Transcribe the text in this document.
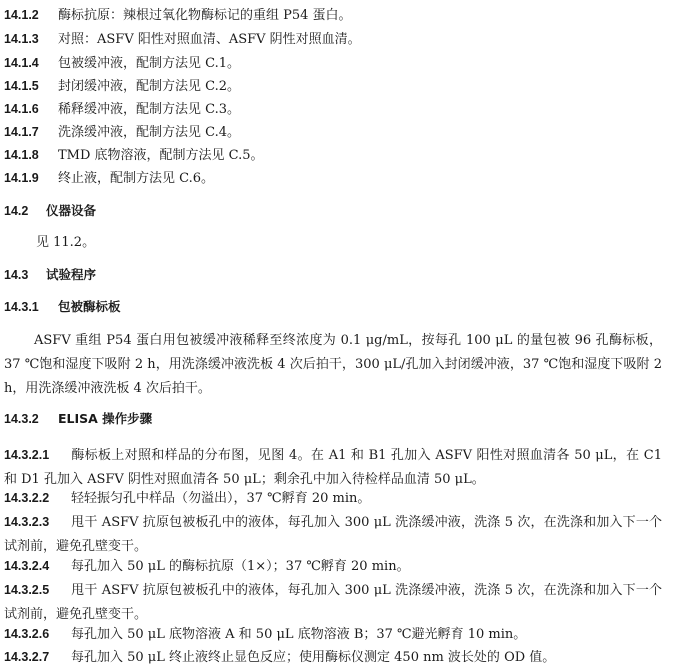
14.1.2 酶标抗原：辣根过氧化物酶标记的重组 P54 蛋白。
14.1.3 对照：ASFV 阳性对照血清、ASFV 阴性对照血清。
14.1.4 包被缓冲液，配制方法见 C.1。
14.1.5 封闭缓冲液，配制方法见 C.2。
14.1.6 稀释缓冲液，配制方法见 C.3。
14.1.7 洗涤缓冲液，配制方法见 C.4。
14.1.8 TMD 底物溶液，配制方法见 C.5。
14.1.9 终止液，配制方法见 C.6。
14.2 仪器设备
见 11.2。
14.3 试验程序
14.3.1 包被酶标板
ASFV 重组 P54 蛋白用包被缓冲液稀释至终浓度为 0.1 μg/mL，按每孔 100 μL 的量包被 96 孔酶标板，37 ℃饱和湿度下吸附 2 h，用洗涤缓冲液洗板 4 次后拍干，300 μL/孔加入封闭缓冲液，37 ℃饱和湿度下吸附 2 h，用洗涤缓冲液洗板 4 次后拍干。
14.3.2 ELISA 操作步骤
14.3.2.1 酶标板上对照和样品的分布图，见图 4。在 A1 和 B1 孔加入 ASFV 阳性对照血清各 50 μL，在 C1 和 D1 孔加入 ASFV 阴性对照血清各 50 μL；剩余孔中加入待检样品血清 50 μL。
14.3.2.2 轻轻振匀孔中样品（勿溢出），37 ℃孵育 20 min。
14.3.2.3 甩干 ASFV 抗原包被板孔中的液体，每孔加入 300 μL 洗涤缓冲液，洗涤 5 次，在洗涤和加入下一个试剂前，避免孔壁变干。
14.3.2.4 每孔加入 50 μL 的酶标抗原（1×）；37 ℃孵育 20 min。
14.3.2.5 甩干 ASFV 抗原包被板孔中的液体，每孔加入 300 μL 洗涤缓冲液，洗涤 5 次，在洗涤和加入下一个试剂前，避免孔壁变干。
14.3.2.6 每孔加入 50 μL 底物溶液 A 和 50 μL 底物溶液 B；37 ℃避光孵育 10 min。
14.3.2.7 每孔加入 50 μL 终止液终止显色反应；使用酶标仪测定 450 nm 波长处的 OD 值。
